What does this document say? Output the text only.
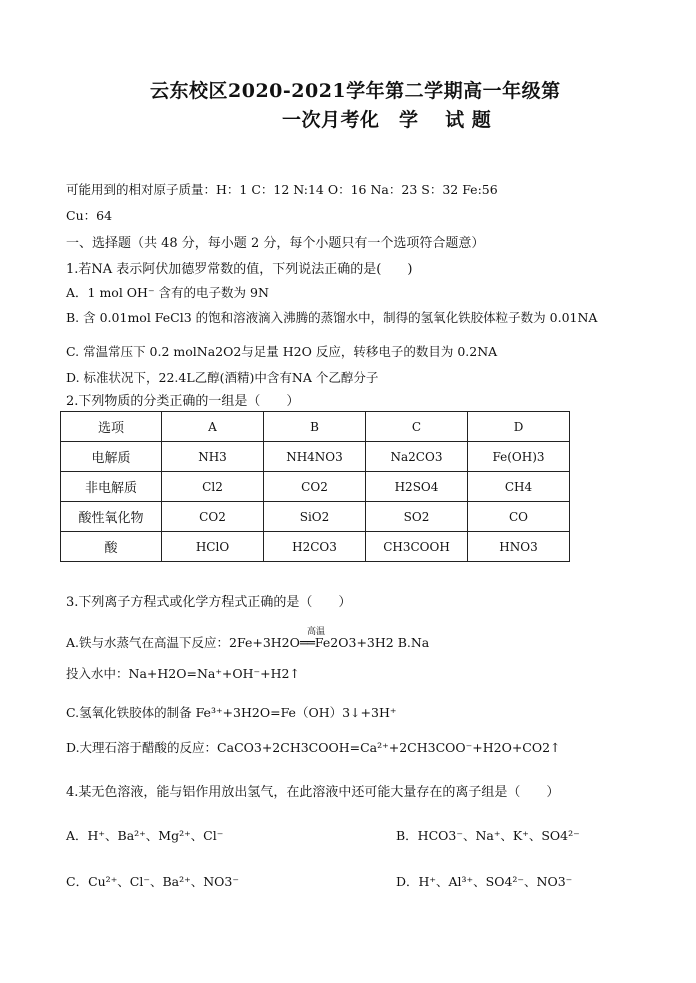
云东校区2020-2021学年第二学期高一年级第
一次月考化　学　 试 题
可能用到的相对原子质量：H：1 C：12 N:14 O：16 Na：23 S：32 Fe:56
Cu：64
一、选择题（共 48 分，每小题 2 分，每个小题只有一个选项符合题意）
1.若NA 表示阿伏加德罗常数的值，下列说法正确的是(　　)
A．1 mol OH⁻ 含有的电子数为 9N
B. 含 0.01mol FeCl3 的饱和溶液滴入沸腾的蒸馏水中，制得的氢氧化铁胶体粒子数为 0.01NA
C. 常温常压下 0.2 molNa2O2与足量 H2O 反应，转移电子的数目为 0.2NA
D. 标准状况下，22.4L乙醇(酒精)中含有NA 个乙醇分子
2.下列物质的分类正确的一组是（　　）
选项	A	B	C	D
电解质	NH3	NH4NO3	Na2CO3	Fe(OH)3
非电解质	Cl2	CO2	H2SO4	CH4
酸性氧化物	CO2	SiO2	SO2	CO
酸	HClO	H2CO3	CH3COOH	HNO3
3.下列离子方程式或化学方程式正确的是（　　）
高温
A.铁与水蒸气在高温下反应：2Fe+3H2O══Fe2O3+3H2 B.Na
投入水中：Na+H2O=Na⁺+OH⁻+H2↑
C.氢氧化铁胶体的制备 Fe³⁺+3H2O=Fe（OH）3↓+3H⁺
D.大理石溶于醋酸的反应：CaCO3+2CH3COOH=Ca²⁺+2CH3COO⁻+H2O+CO2↑
4.某无色溶液，能与铝作用放出氢气，在此溶液中还可能大量存在的离子组是（　　）
A．H⁺、Ba²⁺、Mg²⁺、Cl⁻	B．HCO3⁻、Na⁺、K⁺、SO4²⁻
C．Cu²⁺、Cl⁻、Ba²⁺、NO3⁻	D．H⁺、Al³⁺、SO4²⁻、NO3⁻
